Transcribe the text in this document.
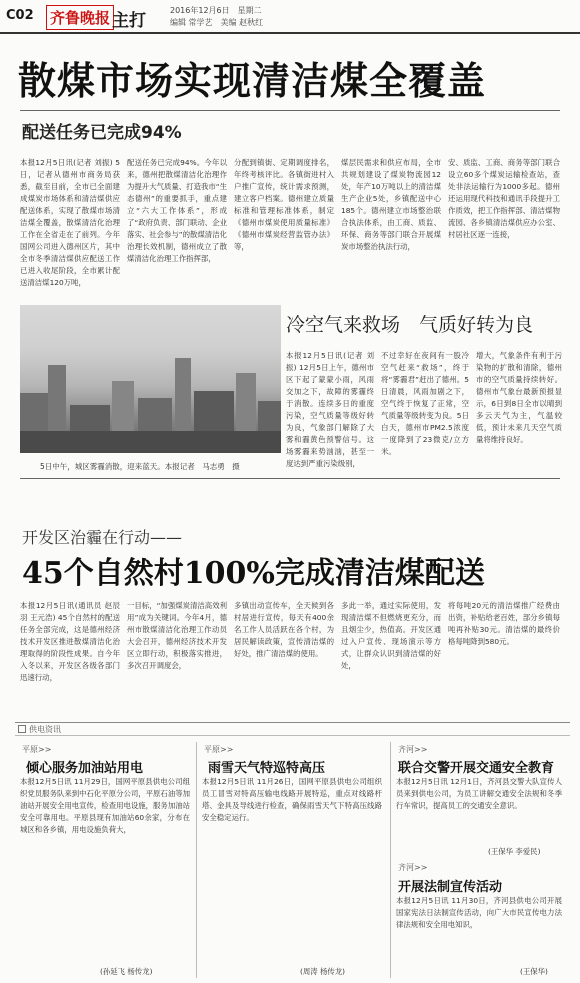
C02 齐鲁晚报 主打
2016年12月6日　星期二
编辑 常学艺　美编 赵秋红
散煤市场实现清洁煤全覆盖
配送任务已完成94%
本报12月5日讯(记者 刘振) 5日，记者从德州市商务局获悉，截至目前，全市已全面建成煤炭市场体系和清洁煤供应配送体系，实现了散煤市场清洁煤全覆盖，散煤清洁化治理工作在全省走在了前列。今年国网公司进入德州区片，其中全市冬季清洁煤供应配送工作已进入收尾阶段，全市累计配送清洁煤120万吨，
配送任务已完成94%。今年以来，德州把散煤清洁化治理作为提升大气质量、打造我市“生态德州”的重要抓手，重点建立“六大工作体系”，形成了“政府负责、部门联动、企业落实、社会参与”的散煤清洁化治理长效机制，德州成立了散煤清洁化治理工作指挥部，
分配到镇街、定期调度排名，年终考核评比。各镇街进村入户推广宣传，统计需求预测，建立客户档案。德州建立质量标准和管理标准体系，制定《德州市煤炭使用质量标准》《德州市煤炭经营监管办法》等，
煤层民需求和供应布局，全市共规划建设了煤炭物流园12处，年产10万吨以上的清洁煤生产企业5处，乡镇配送中心185个。德州建立市场整治联合执法体系，由工商、质监、环保、商务等部门联合开展煤炭市场整治执法行动，
安、质监、工商、商务等部门联合设立60多个煤炭运输检查站，查处非法运输行为1000多起。德州还运用现代科技和通讯手段提升工作质效，把工作指挥部、清洁煤物流园、各乡镇清洁煤供应办公室、村居社区逐一连接，
5日中午，城区雾霾消散，迎来蓝天。本报记者　马志勇　摄
冷空气来救场　气质好转为良
本报12月5日讯(记者 刘振) 12月5日上午，德州市区下起了蒙蒙小雨，风雨交加之下，故障的雾霾终于消散。连续多日的重度污染，空气质量等级好转为良，气象部门解除了大雾和霾黄色预警信号。这场雾霾来势汹汹，甚至一度达到严重污染级别，
不过幸好在夜间有一股冷空气赶来“救场”，终于将“雾霾君”赶出了德州。5日清晨，风雨加剧之下，空气终于恢复了正常，空气质量等级转变为良。5日白天，德州市PM2.5浓度一度降到了23微克/立方米。
增大，气象条件有利于污染物的扩散和清除，德州市的空气质量持续转好。德州市气象台最新预报显示，6日到8日全市以晴到多云天气为主，气温较低，预计未来几天空气质量将维持良好。
开发区治霾在行动——
45个自然村100%完成清洁煤配送
本报12月5日讯(通讯员 赵辰羽 王元浩) 45个自然村的配送任务全部完成，这是德州经济技术开发区推进散煤清洁化治理取得的阶段性成果。自今年入冬以来，开发区各级各部门迅速行动，
一目标，“加强煤炭清洁高效利用”成为关键词。今年4月，德州市散煤清洁化治理工作动员大会召开，德州经济技术开发区立即行动，积极落实推进，多次召开调度会，
多镇出动宣传车，全天候到各村居进行宣传，每天有400余名工作人员活跃在各个村，为居民解读政策，宣传清洁煤的好处，推广清洁煤的使用。
多此一举，通过实际使用，发现清洁煤不但燃烧更充分，而且烟尘少，热值高。开发区通过入户宣传、现场演示等方式，让群众认识到清洁煤的好处，
将每吨20元的清洁煤推广经费由出资，补贴给老百姓，部分乡镇每吨再补贴30元。清洁煤的最终价格每吨降到580元。
供电资讯
平原>>
倾心服务加油站用电
本报12月5日讯 11月29日，国网平原县供电公司组织党员服务队来到中石化平原分公司，平原石油等加油站开展安全用电宣传，检查用电设施，服务加油站安全可靠用电。平原县现有加油站60余家，分布在城区和各乡镇，用电设施负荷大，
(孙延飞 杨传龙)
平原>>
雨雪天气特巡特高压
本报12月5日讯 11月26日，国网平原县供电公司组织员工冒雪对特高压输电线路开展特巡，重点对线路杆塔、金具及导线进行检查，确保雨雪天气下特高压线路安全稳定运行。
(周涛 杨传龙)
齐河>>
联合交警开展交通安全教育
本报12月5日讯 12月1日，齐河县交警大队宣传人员来到供电公司，为员工讲解交通安全法规和冬季行车常识，提高员工的交通安全意识。
(王保华 李爱民)
齐河>>
开展法制宣传活动
本报12月5日讯 11月30日，齐河县供电公司开展国家宪法日法制宣传活动，向广大市民宣传电力法律法规和安全用电知识，
(王保华)
